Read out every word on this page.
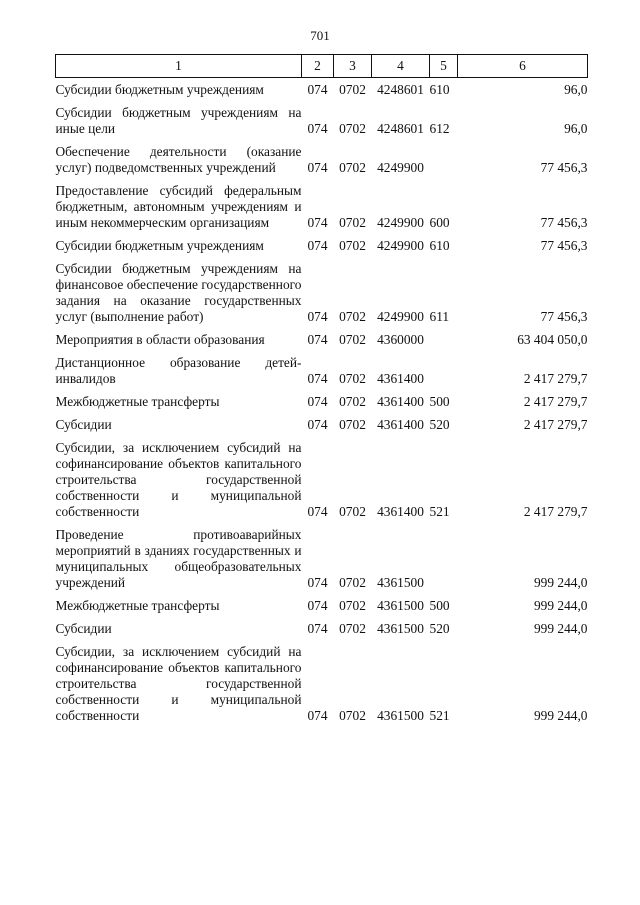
701
1	2	3	4	5	6
Субсидии бюджетным учреждениям	074	0702	4248601	610	96,0
Субсидии бюджетным учреждениям на иные цели	074	0702	4248601	612	96,0
Обеспечение деятельности (оказание услуг) подведомственных учреждений	074	0702	4249900		77 456,3
Предоставление субсидий федеральным бюджетным, автономным учреждениям и иным некоммерческим организациям	074	0702	4249900	600	77 456,3
Субсидии бюджетным учреждениям	074	0702	4249900	610	77 456,3
Субсидии бюджетным учреждениям на финансовое обеспечение государственного задания на оказание государственных услуг (выполнение работ)	074	0702	4249900	611	77 456,3
Мероприятия в области образования	074	0702	4360000		63 404 050,0
Дистанционное образование детей-инвалидов	074	0702	4361400		2 417 279,7
Межбюджетные трансферты	074	0702	4361400	500	2 417 279,7
Субсидии	074	0702	4361400	520	2 417 279,7
Субсидии, за исключением субсидий на софинансирование объектов капитального строительства государственной собственности и муниципальной собственности	074	0702	4361400	521	2 417 279,7
Проведение противоаварийных мероприятий в зданиях государственных и муниципальных общеобразовательных учреждений	074	0702	4361500		999 244,0
Межбюджетные трансферты	074	0702	4361500	500	999 244,0
Субсидии	074	0702	4361500	520	999 244,0
Субсидии, за исключением субсидий на софинансирование объектов капитального строительства государственной собственности и муниципальной собственности	074	0702	4361500	521	999 244,0
